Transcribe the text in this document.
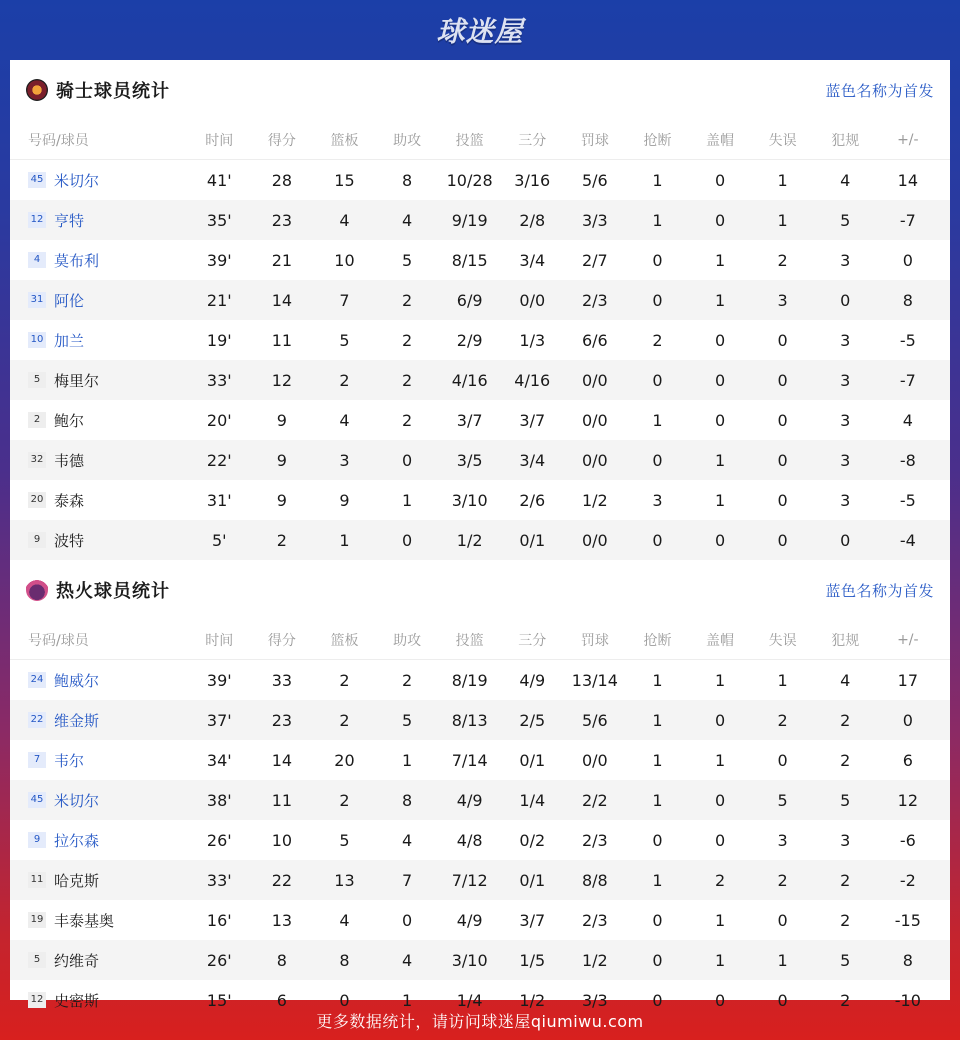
球迷屋
骑士球员统计	蓝色名称为首发
号码/球员	时间	得分	篮板	助攻	投篮	三分	罚球	抢断	盖帽	失误	犯规	+/-
45 米切尔	41'	28	15	8	10/28	3/16	5/6	1	0	1	4	14
12 亨特	35'	23	4	4	9/19	2/8	3/3	1	0	1	5	-7
4 莫布利	39'	21	10	5	8/15	3/4	2/7	0	1	2	3	0
31 阿伦	21'	14	7	2	6/9	0/0	2/3	0	1	3	0	8
10 加兰	19'	11	5	2	2/9	1/3	6/6	2	0	0	3	-5
5 梅里尔	33'	12	2	2	4/16	4/16	0/0	0	0	0	3	-7
2 鲍尔	20'	9	4	2	3/7	3/7	0/0	1	0	0	3	4
32 韦德	22'	9	3	0	3/5	3/4	0/0	0	1	0	3	-8
20 泰森	31'	9	9	1	3/10	2/6	1/2	3	1	0	3	-5
9 波特	5'	2	1	0	1/2	0/1	0/0	0	0	0	0	-4
热火球员统计	蓝色名称为首发
号码/球员	时间	得分	篮板	助攻	投篮	三分	罚球	抢断	盖帽	失误	犯规	+/-
24 鲍威尔	39'	33	2	2	8/19	4/9	13/14	1	1	1	4	17
22 维金斯	37'	23	2	5	8/13	2/5	5/6	1	0	2	2	0
7 韦尔	34'	14	20	1	7/14	0/1	0/0	1	1	0	2	6
45 米切尔	38'	11	2	8	4/9	1/4	2/2	1	0	5	5	12
9 拉尔森	26'	10	5	4	4/8	0/2	2/3	0	0	3	3	-6
11 哈克斯	33'	22	13	7	7/12	0/1	8/8	1	2	2	2	-2
19 丰泰基奥	16'	13	4	0	4/9	3/7	2/3	0	1	0	2	-15
5 约维奇	26'	8	8	4	3/10	1/5	1/2	0	1	1	5	8
12 史密斯	15'	6	0	1	1/4	1/2	3/3	0	0	0	2	-10
更多数据统计，请访问球迷屋qiumiwu.com
